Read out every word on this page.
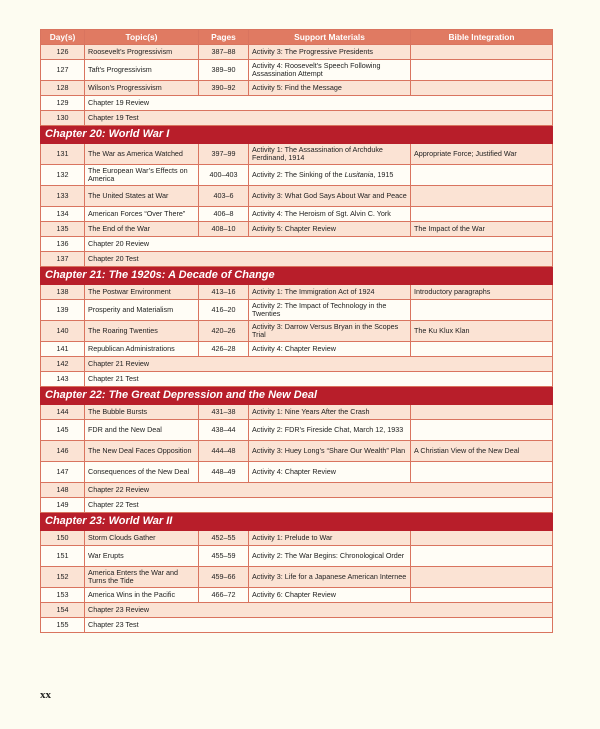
Day(s)	Topic(s)	Pages	Support Materials	Bible Integration
126	Roosevelt’s Progressivism	387–88	Activity 3: The Progressive Presidents	
127	Taft’s Progressivism	389–90	Activity 4: Roosevelt’s Speech Following Assassination Attempt	
128	Wilson’s Progressivism	390–92	Activity 5: Find the Message	
129	Chapter 19 Review			
130	Chapter 19 Test			
Chapter 20: World War I				
131	The War as America Watched	397–99	Activity 1: The Assassination of Archduke Ferdinand, 1914	Appropriate Force; Justified War
132	The European War’s Effects on America	400–403	Activity 2: The Sinking of the Lusitania, 1915	
133	The United States at War	403–6	Activity 3: What God Says About War and Peace	
134	American Forces “Over There”	406–8	Activity 4: The Heroism of Sgt. Alvin C. York	
135	The End of the War	408–10	Activity 5: Chapter Review	The Impact of the War
136	Chapter 20 Review			
137	Chapter 20 Test			
Chapter 21: The 1920s: A Decade of Change				
138	The Postwar Environment	413–16	Activity 1: The Immigration Act of 1924	Introductory paragraphs
139	Prosperity and Materialism	416–20	Activity 2: The Impact of Technology in the Twenties	
140	The Roaring Twenties	420–26	Activity 3: Darrow Versus Bryan in the Scopes Trial	The Ku Klux Klan
141	Republican Administrations	426–28	Activity 4: Chapter Review	
142	Chapter 21 Review			
143	Chapter 21 Test			
Chapter 22: The Great Depression and the New Deal				
144	The Bubble Bursts	431–38	Activity 1: Nine Years After the Crash	
145	FDR and the New Deal	438–44	Activity 2: FDR’s Fireside Chat, March 12, 1933	
146	The New Deal Faces Opposition	444–48	Activity 3: Huey Long’s “Share Our Wealth” Plan	A Christian View of the New Deal
147	Consequences of the New Deal	448–49	Activity 4: Chapter Review	
148	Chapter 22 Review			
149	Chapter 22 Test			
Chapter 23: World War II				
150	Storm Clouds Gather	452–55	Activity 1: Prelude to War	
151	War Erupts	455–59	Activity 2: The War Begins: Chronological Order	
152	America Enters the War and Turns the Tide	459–66	Activity 3: Life for a Japanese American Internee	
153	America Wins in the Pacific	466–72	Activity 6: Chapter Review	
154	Chapter 23 Review			
155	Chapter 23 Test			
xx
